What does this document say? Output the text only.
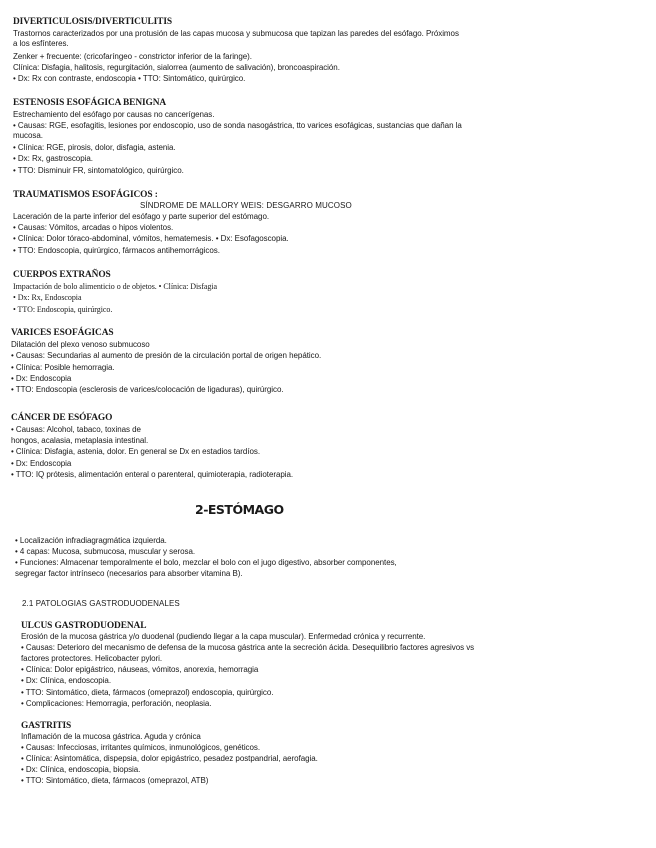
DIVERTICULOSIS/DIVERTICULITIS
Trastornos caracterizados por una protusión de las capas mucosa y submucosa que tapizan las paredes del esófago. Próximos
a los esfínteres.
Zenker + frecuente: (cricofaríngeo - constrictor inferior de la faringe).
Clínica: Disfagia, halitosis, regurgitación, sialorrea (aumento de salivación), broncoaspiración.
• Dx: Rx con contraste, endoscopia • TTO: Sintomático, quirúrgico.
ESTENOSIS ESOFÁGICA BENIGNA
Estrechamiento del esófago por causas no cancerígenas.
• Causas: RGE, esofagitis, lesiones por endoscopio, uso de sonda nasogástrica, tto varices esofágicas, sustancias que dañan la
mucosa.
• Clínica: RGE, pirosis, dolor, disfagia, astenia.
• Dx: Rx, gastroscopia.
• TTO: Disminuir FR, sintomatológico, quirúrgico.
TRAUMATISMOS ESOFÁGICOS :
SÍNDROME DE MALLORY WEIS: DESGARRO MUCOSO
Laceración de la parte inferior del esófago y parte superior del estómago.
• Causas: Vómitos, arcadas o hipos violentos.
• Clínica: Dolor tóraco-abdominal, vómitos, hematemesis. • Dx: Esofagoscopia.
• TTO: Endoscopia, quirúrgico, fármacos antihemorrágicos.
CUERPOS EXTRAÑOS
Impactación de bolo alimenticio o de objetos. • Clínica: Disfagia
• Dx: Rx, Endoscopia
• TTO: Endoscopia, quirúrgico.
VARICES ESOFÁGICAS
Dilatación del plexo venoso submucoso
• Causas: Secundarias al aumento de presión de la circulación portal de origen hepático.
• Clínica: Posible hemorragia.
• Dx: Endoscopia
• TTO: Endoscopia (esclerosis de varices/colocación de ligaduras), quirúrgico.
CÁNCER DE ESÓFAGO
• Causas: Alcohol, tabaco, toxinas de
hongos, acalasia, metaplasia intestinal.
• Clínica: Disfagia, astenia, dolor. En general se Dx en estadios tardíos.
• Dx: Endoscopia
• TTO: IQ prótesis, alimentación enteral o parenteral, quimioterapia, radioterapia.
2-ESTÓMAGO
• Localización infradiagragmática izquierda.
• 4 capas: Mucosa, submucosa, muscular y serosa.
• Funciones: Almacenar temporalmente el bolo, mezclar el bolo con el jugo digestivo, absorber componentes,
segregar factor intrínseco (necesarios para absorber vitamina B).
2.1 PATOLOGIAS GASTRODUODENALES
ULCUS GASTRODUODENAL
Erosión de la mucosa gástrica y/o duodenal (pudiendo llegar a la capa muscular). Enfermedad crónica y recurrente.
• Causas: Deterioro del mecanismo de defensa de la mucosa gástrica ante la secreción ácida. Desequilibrio factores agresivos vs
factores protectores. Helicobacter pylori.
• Clínica: Dolor epigástrico, náuseas, vómitos, anorexia, hemorragia
• Dx: Clínica, endoscopia.
• TTO: Sintomático, dieta, fármacos (omeprazol) endoscopia, quirúrgico.
• Complicaciones: Hemorragia, perforación, neoplasia.
GASTRITIS
Inflamación de la mucosa gástrica. Aguda y crónica
• Causas: Infecciosas, irritantes químicos, inmunológicos, genéticos.
• Clínica: Asintomática, dispepsia, dolor epigástrico, pesadez postpandrial, aerofagia.
• Dx: Clínica, endoscopia, biopsia.
• TTO: Sintomático, dieta, fármacos (omeprazol, ATB)
